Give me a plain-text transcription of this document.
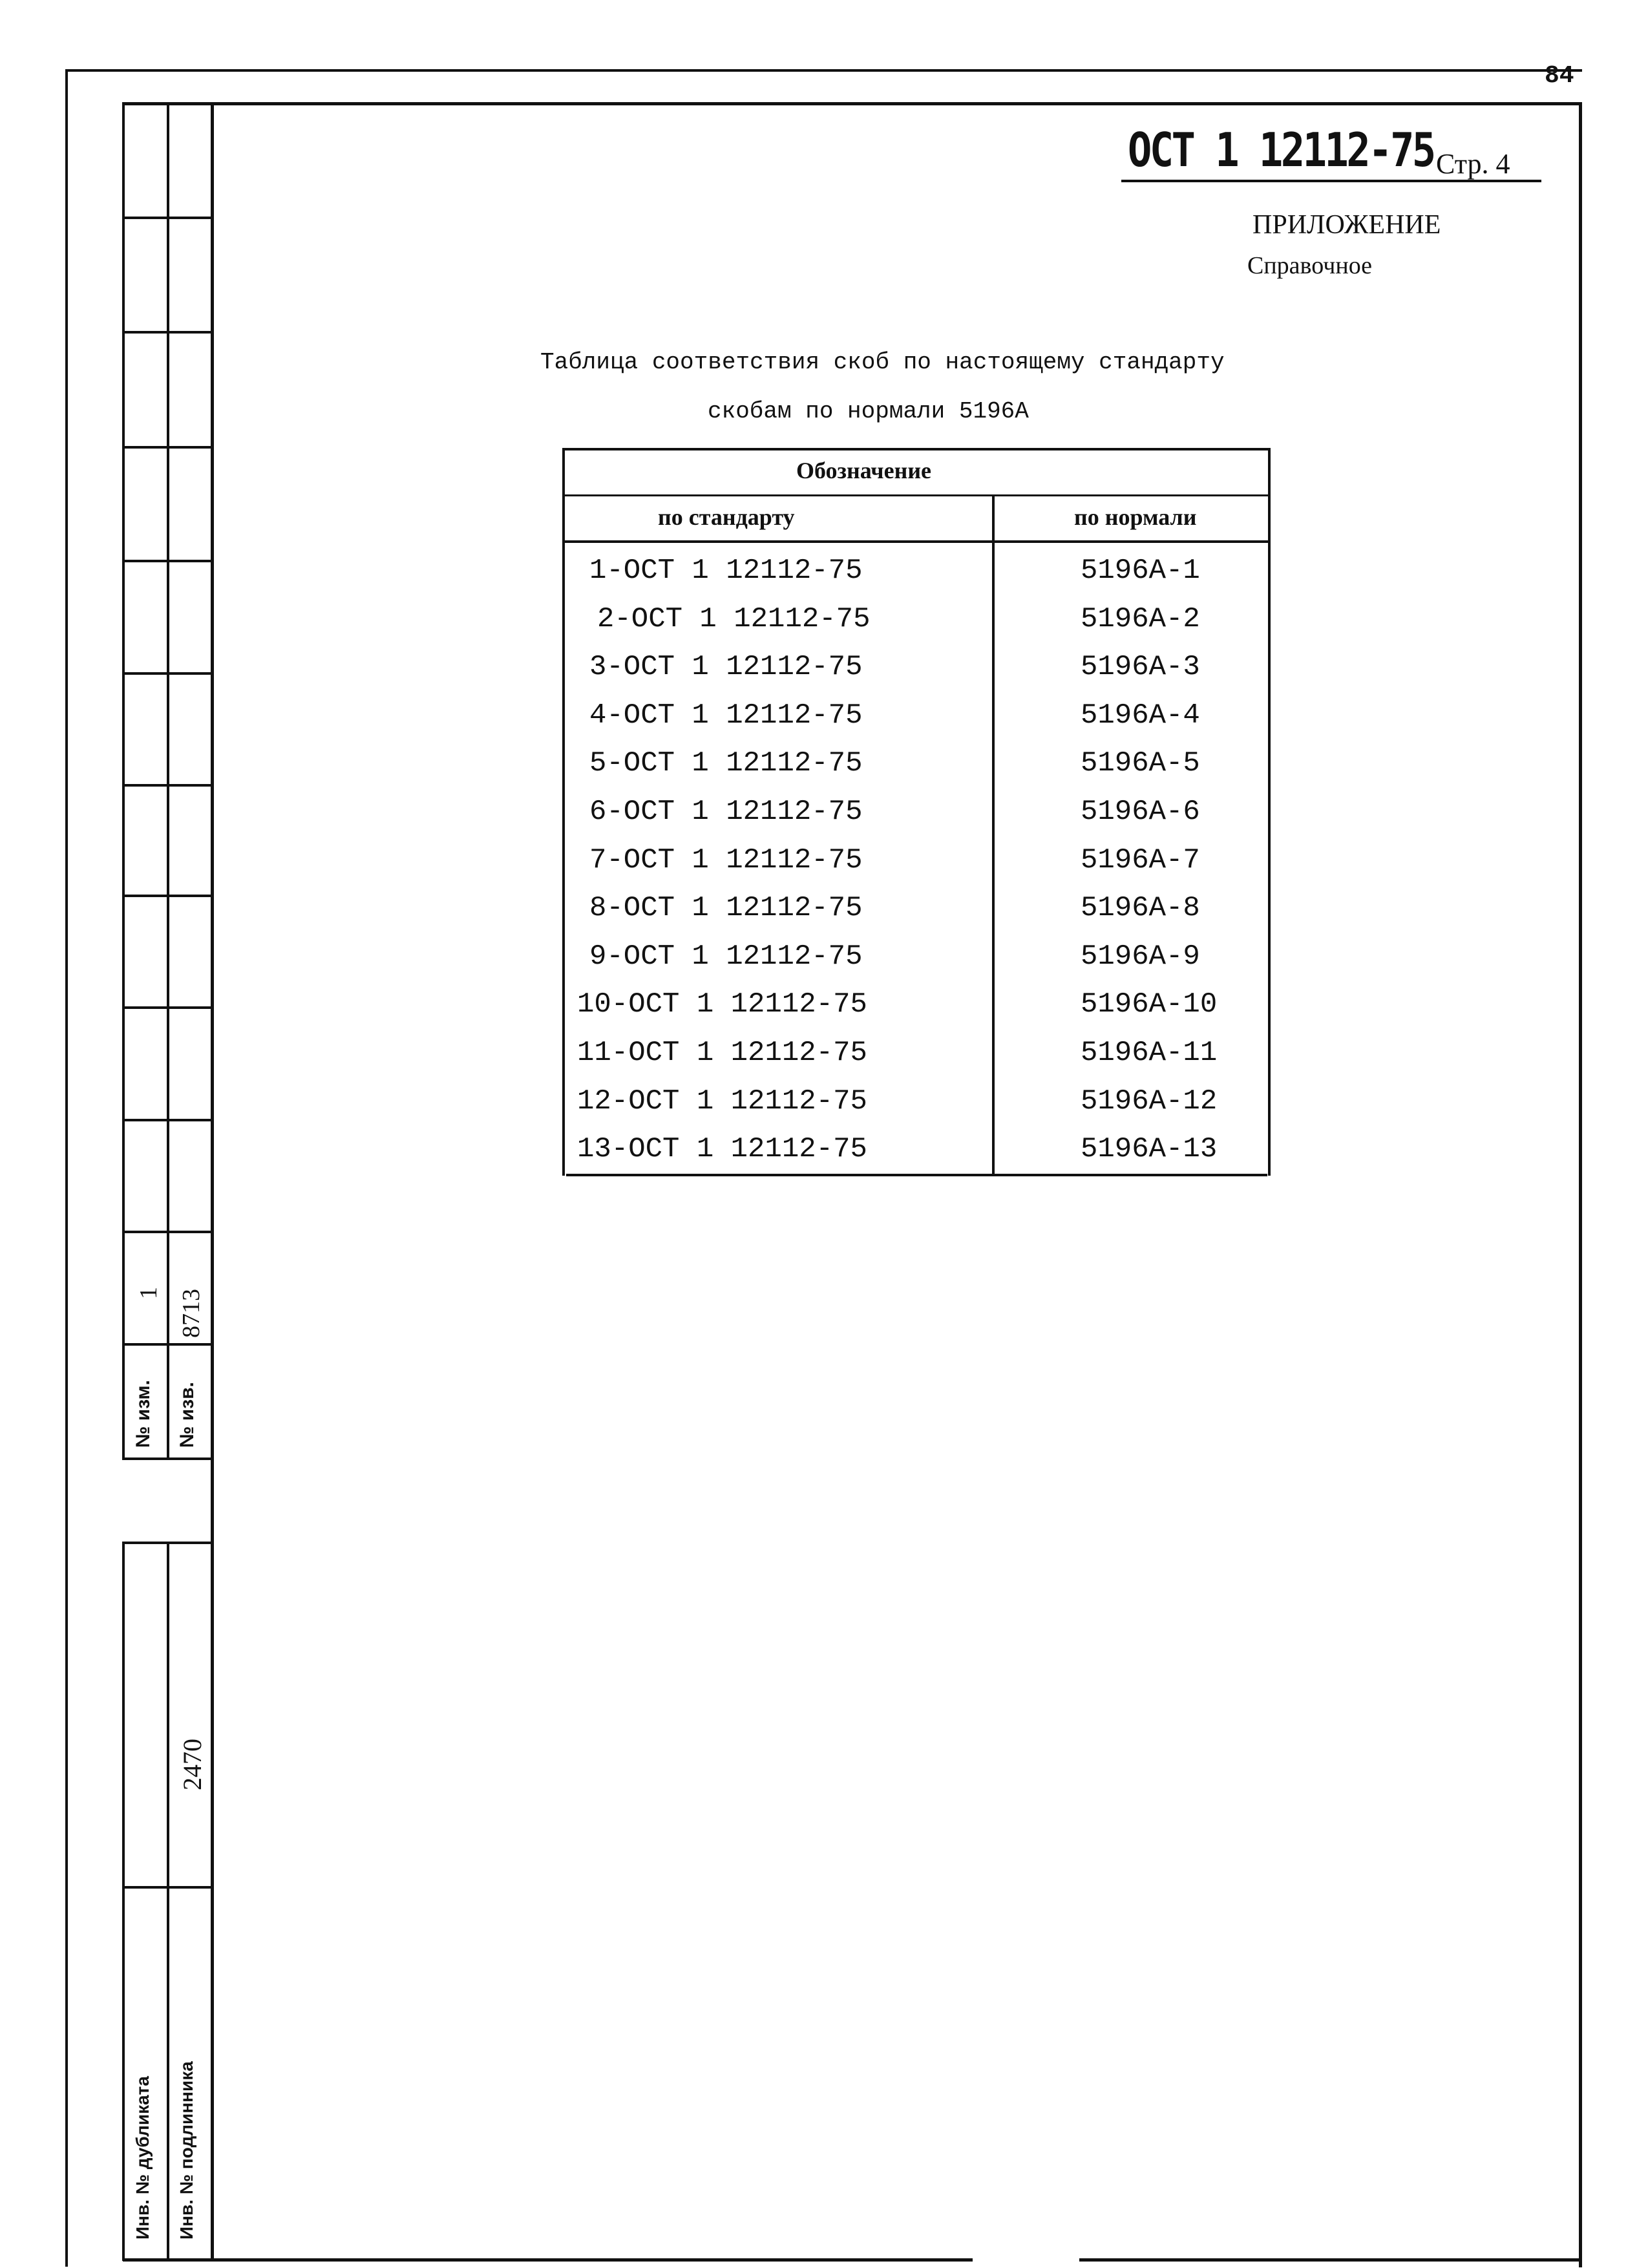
84
ОСТ 1 12112-75 Стр. 4
ПРИЛОЖЕНИЕ
Справочное
Таблица соответствия скоб по настоящему стандарту
скобам по нормали 5196А
Обозначение
по стандарту	по нормали
1-ОСТ 1 12112-75	5196А-1
2-ОСТ 1 12112-75	5196А-2
3-ОСТ 1 12112-75	5196А-3
4-ОСТ 1 12112-75	5196А-4
5-ОСТ 1 12112-75	5196А-5
6-ОСТ 1 12112-75	5196А-6
7-ОСТ 1 12112-75	5196А-7
8-ОСТ 1 12112-75	5196А-8
9-ОСТ 1 12112-75	5196А-9
10-ОСТ 1 12112-75	5196А-10
11-ОСТ 1 12112-75	5196А-11
12-ОСТ 1 12112-75	5196А-12
13-ОСТ 1 12112-75	5196А-13
№ изм.
1
№ изв.
8713
2470
Инв. № дубликата Инв. № подлинника
